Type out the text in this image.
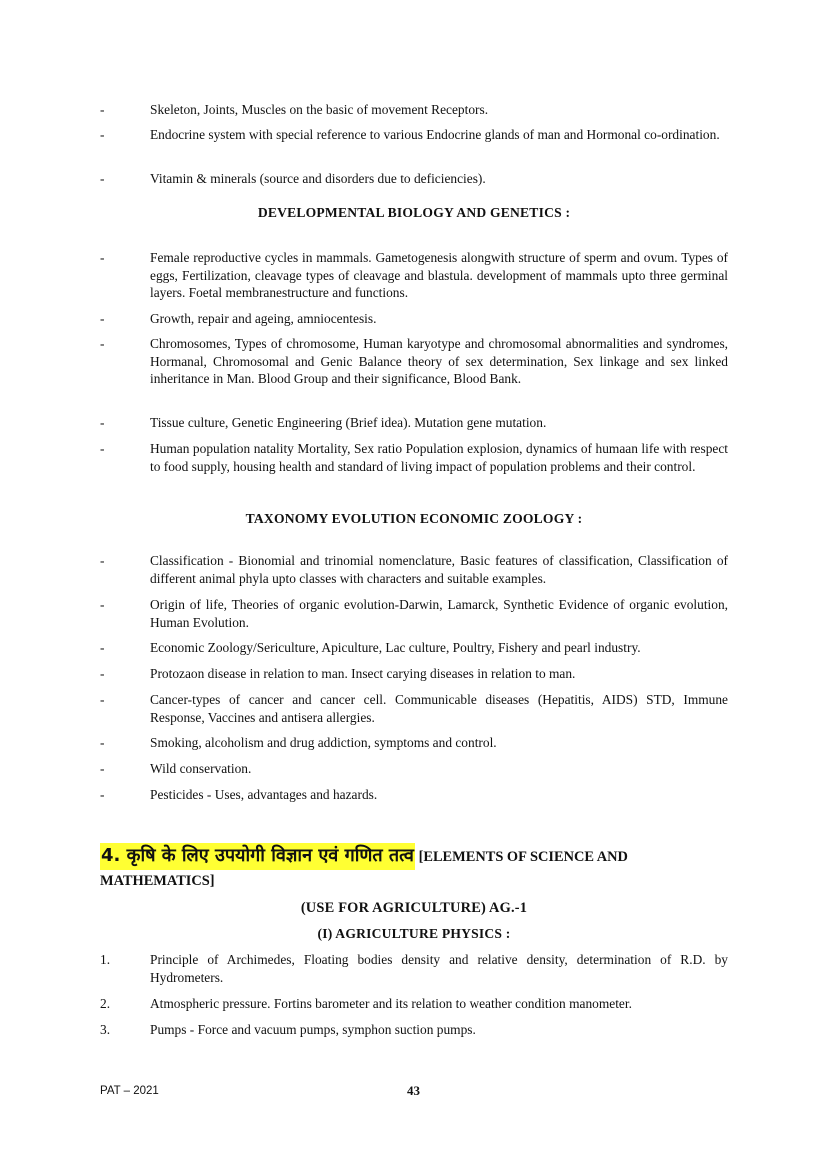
-	Skeleton, Joints, Muscles on the basic of movement Receptors.
-	Endocrine system with special reference to various Endocrine glands of man and Hormonal co-ordination.
-	Vitamin & minerals (source and disorders due to deficiencies).
DEVELOPMENTAL BIOLOGY AND GENETICS :
-	Female reproductive cycles in mammals. Gametogenesis alongwith structure of sperm and ovum. Types of eggs, Fertilization, cleavage types of cleavage and blastula. development of mammals upto three germinal layers. Foetal membranestructure and functions.
-	Growth, repair and ageing, amniocentesis.
-	Chromosomes, Types of chromosome, Human karyotype and chromosomal abnormalities and syndromes, Hormanal, Chromosomal and Genic Balance theory of sex determination, Sex linkage and sex linked inheritance in Man. Blood Group and their significance, Blood Bank.
-	Tissue culture, Genetic Engineering (Brief idea). Mutation gene mutation.
-	Human population natality Mortality, Sex ratio Population explosion, dynamics of humaan life with respect to food supply, housing health and standard of living impact of population problems and their control.
TAXONOMY EVOLUTION ECONOMIC ZOOLOGY :
-	Classification - Bionomial and trinomial nomenclature, Basic features of classification, Classification of different animal phyla upto classes with characters and suitable examples.
-	Origin of life, Theories of organic evolution-Darwin, Lamarck, Synthetic Evidence of organic evolution, Human Evolution.
-	Economic Zoology/Sericulture, Apiculture, Lac culture, Poultry, Fishery and pearl industry.
-	Protozaon disease in relation to man. Insect carying diseases in relation to man.
-	Cancer-types of cancer and cancer cell. Communicable diseases (Hepatitis, AIDS) STD, Immune Response, Vaccines and antisera allergies.
-	Smoking, alcoholism and drug addiction, symptoms and control.
-	Wild conservation.
-	Pesticides - Uses, advantages and hazards.
4. कृषि के लिए उपयोगी विज्ञान एवं गणित तत्व [ELEMENTS OF SCIENCE AND
MATHEMATICS]
(USE FOR AGRICULTURE) AG.-1
(I) AGRICULTURE PHYSICS :
1.	Principle of Archimedes, Floating bodies density and relative density, determination of R.D. by Hydrometers.
2.	Atmospheric pressure. Fortins barometer and its relation to weather condition manometer.
3.	Pumps - Force and vacuum pumps, symphon suction pumps.
PAT – 2021	43
